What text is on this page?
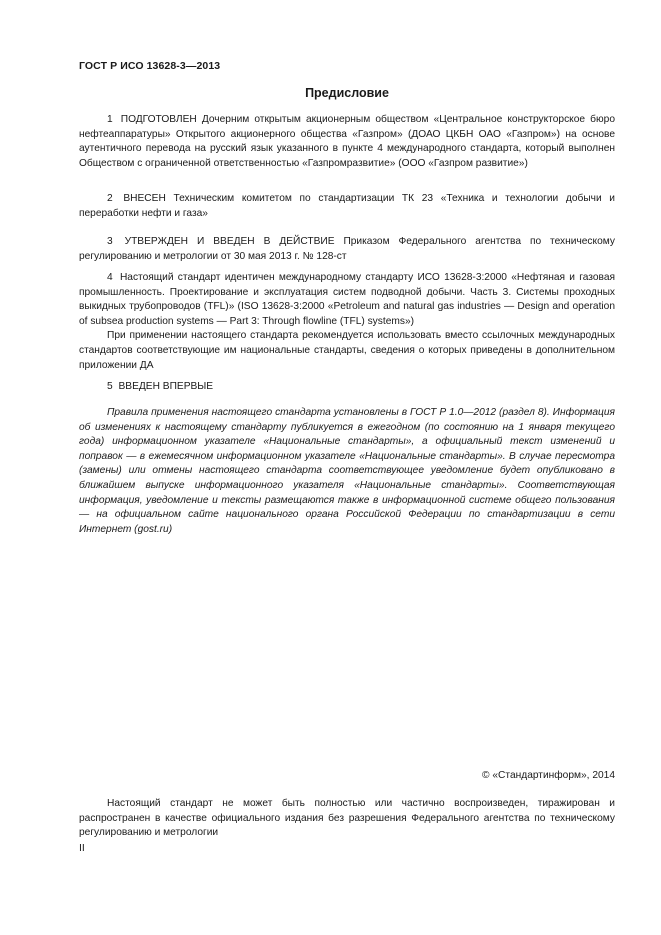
ГОСТ Р ИСО 13628-3—2013
Предисловие

1 ПОДГОТОВЛЕН Дочерним открытым акционерным обществом «Центральное конструкторское бюро нефтеаппаратуры» Открытого акционерного общества «Газпром» (ДОАО ЦКБН ОАО «Газпром») на основе аутентичного перевода на русский язык указанного в пункте 4 международного стандарта, который выполнен Обществом с ограниченной ответственностью «Газпромразвитие» (ООО «Газпром развитие»)

2 ВНЕСЕН Техническим комитетом по стандартизации ТК 23 «Техника и технологии добычи и переработки нефти и газа»

3 УТВЕРЖДЕН И ВВЕДЕН В ДЕЙСТВИЕ Приказом Федерального агентства по техническому регулированию и метрологии от 30 мая 2013 г. № 128-ст

4 Настоящий стандарт идентичен международному стандарту ИСО 13628-3:2000 «Нефтяная и газовая промышленность. Проектирование и эксплуатация систем подводной добычи. Часть 3. Системы проходных выкидных трубопроводов (TFL)» (ISO 13628-3:2000 «Petroleum and natural gas industries — Design and operation of subsea production systems — Part 3: Through flowline (TFL) systems»)

При применении настоящего стандарта рекомендуется использовать вместо ссылочных международных стандартов соответствующие им национальные стандарты, сведения о которых приведены в дополнительном приложении ДА

5 ВВЕДЕН ВПЕРВЫЕ

Правила применения настоящего стандарта установлены в ГОСТ Р 1.0—2012 (раздел 8). Информация об изменениях к настоящему стандарту публикуется в ежегодном (по состоянию на 1 января текущего года) информационном указателе «Национальные стандарты», а официальный текст изменений и поправок — в ежемесячном информационном указателе «Национальные стандарты». В случае пересмотра (замены) или отмены настоящего стандарта соответствующее уведомление будет опубликовано в ближайшем выпуске информационного указателя «Национальные стандарты». Соответствующая информация, уведомление и тексты размещаются также в информационной системе общего пользования — на официальном сайте национального органа Российской Федерации по стандартизации в сети Интернет (gost.ru)

© «Стандартинформ», 2014

Настоящий стандарт не может быть полностью или частично воспроизведен, тиражирован и распространен в качестве официального издания без разрешения Федерального агентства по техническому регулированию и метрологии

II
